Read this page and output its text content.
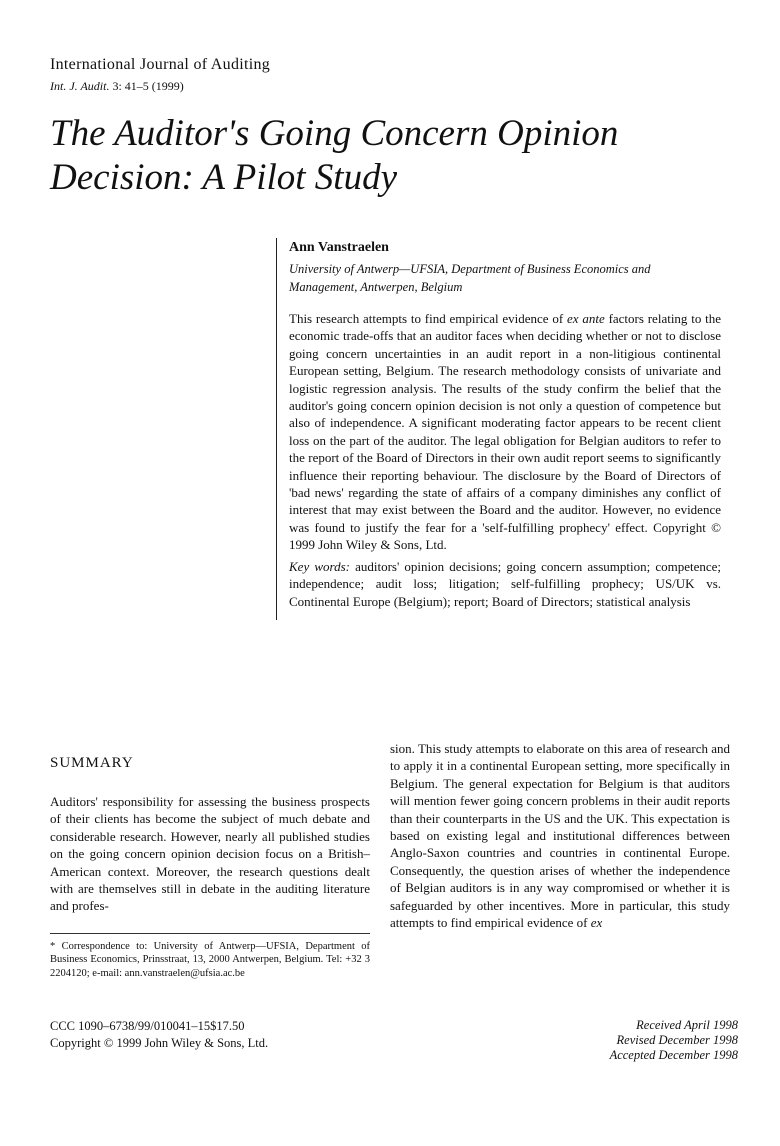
International Journal of Auditing
Int. J. Audit. 3: 41–5 (1999)
The Auditor's Going Concern Opinion Decision: A Pilot Study
Ann Vanstraelen
University of Antwerp—UFSIA, Department of Business Economics and Management, Antwerpen, Belgium
This research attempts to find empirical evidence of ex ante factors relating to the economic trade-offs that an auditor faces when deciding whether or not to disclose going concern uncertainties in an audit report in a non-litigious continental European setting, Belgium. The research methodology consists of univariate and logistic regression analysis. The results of the study confirm the belief that the auditor's going concern opinion decision is not only a question of competence but also of independence. A significant moderating factor appears to be recent client loss on the part of the auditor. The legal obligation for Belgian auditors to refer to the report of the Board of Directors in their own audit report seems to significantly influence their reporting behaviour. The disclosure by the Board of Directors of 'bad news' regarding the state of affairs of a company diminishes any conflict of interest that may exist between the Board and the auditor. However, no evidence was found to justify the fear for a 'self-fulfilling prophecy' effect. Copyright © 1999 John Wiley & Sons, Ltd.
Key words: auditors' opinion decisions; going concern assumption; competence; independence; audit loss; litigation; self-fulfilling prophecy; US/UK vs. Continental Europe (Belgium); report; Board of Directors; statistical analysis
SUMMARY
Auditors' responsibility for assessing the business prospects of their clients has become the subject of much debate and considerable research. However, nearly all published studies on the going concern opinion decision focus on a British–American context. Moreover, the research questions dealt with are themselves still in debate in the auditing literature and profes-
* Correspondence to: University of Antwerp—UFSIA, Department of Business Economics, Prinsstraat, 13, 2000 Antwerpen, Belgium. Tel: +32 3 2204120; e-mail: ann.vanstraelen@ufsia.ac.be
CCC 1090–6738/99/010041–15$17.50
Copyright © 1999 John Wiley & Sons, Ltd.
sion. This study attempts to elaborate on this area of research and to apply it in a continental European setting, more specifically in Belgium. The general expectation for Belgium is that auditors will mention fewer going concern problems in their audit reports than their counterparts in the US and the UK. This expectation is based on existing legal and institutional differences between Anglo-Saxon countries and countries in continental Europe. Consequently, the question arises of whether the independence of Belgian auditors is in any way compromised or whether it is safeguarded by other incentives. More in particular, this study attempts to find empirical evidence of ex
Received April 1998
Revised December 1998
Accepted December 1998
